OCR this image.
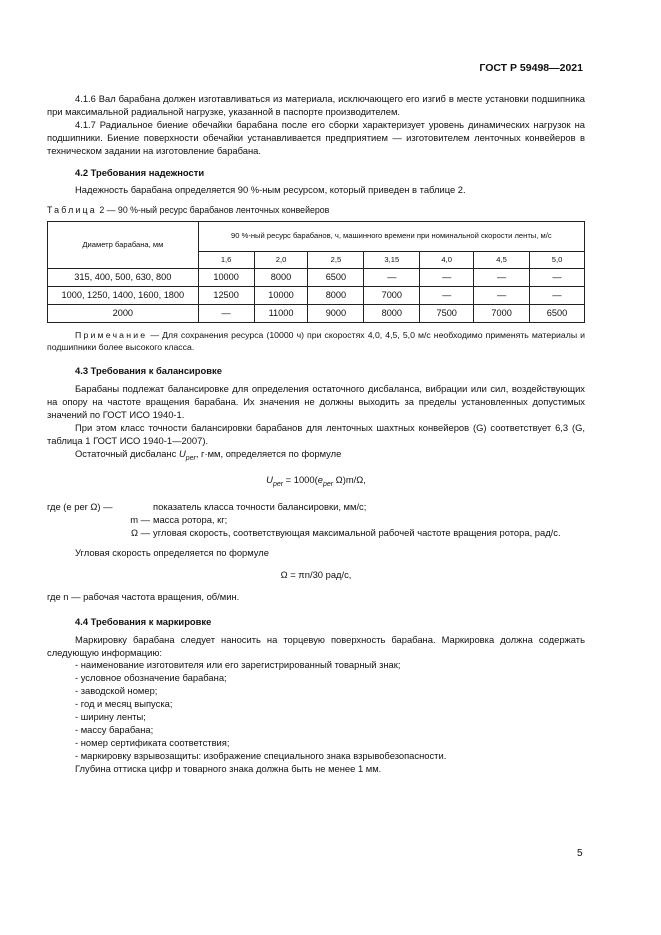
ГОСТ Р 59498—2021

4.1.6 Вал барабана должен изготавливаться из материала, исключающего его изгиб в месте установки подшипника при максимальной радиальной нагрузке, указанной в паспорте производителем.

4.1.7 Радиальное биение обечайки барабана после его сборки характеризует уровень динамических нагрузок на подшипники. Биение поверхности обечайки устанавливается предприятием — изготовителем ленточных конвейеров в техническом задании на изготовление барабана.

4.2 Требования надежности

Надежность барабана определяется 90 %-ным ресурсом, который приведен в таблице 2.

Таблица 2 — 90 %-ный ресурс барабанов ленточных конвейеров

Диаметр барабана, мм	90 %-ный ресурс барабанов, ч, машинного времени при номинальной скорости ленты, м/с						
	1,6	2,0	2,5	3,15	4,0	4,5	5,0
315, 400, 500, 630, 800	10000	8000	6500	—	—	—	—
1000, 1250, 1400, 1600, 1800	12500	10000	8000	7000	—	—	—
2000	—	11000	9000	8000	7500	7000	6500

Примечание — Для сохранения ресурса (10000 ч) при скоростях 4,0, 4,5, 5,0 м/с необходимо применять материалы и подшипники более высокого класса.

4.3 Требования к балансировке

Барабаны подлежат балансировке для определения остаточного дисбаланса, вибрации или сил, воздействующих на опору на частоте вращения барабана. Их значения не должны выходить за пределы установленных допустимых значений по ГОСТ ИСО 1940-1.

При этом класс точности балансировки барабанов для ленточных шахтных конвейеров (G) соответствует 6,3 (G, таблица 1 ГОСТ ИСО 1940-1—2007).

Остаточный дисбаланс $U_{per}$, г·мм, определяется по формуле

$U_{per} = 1000(e_{per}$ Ω)m/Ω,

где (e per Ω) —	показатель класса точности балансировки, мм/с;
m —	масса ротора, кг;
Ω —	угловая скорость, соответствующая максимальной рабочей частоте вращения ротора, рад/с.

Угловая скорость определяется по формуле

Ω = πn/30 рад/с,

где n — рабочая частота вращения, об/мин.

4.4 Требования к маркировке

Маркировку барабана следует наносить на торцевую поверхность барабана. Маркировка должна содержать следующую информацию:

- наименование изготовителя или его зарегистрированный товарный знак;

- условное обозначение барабана;

- заводской номер;

- год и месяц выпуска;

- ширину ленты;

- массу барабана;

- номер сертификата соответствия;

- маркировку взрывозащиты: изображение специального знака взрывобезопасности.

Глубина оттиска цифр и товарного знака должна быть не менее 1 мм.

5
